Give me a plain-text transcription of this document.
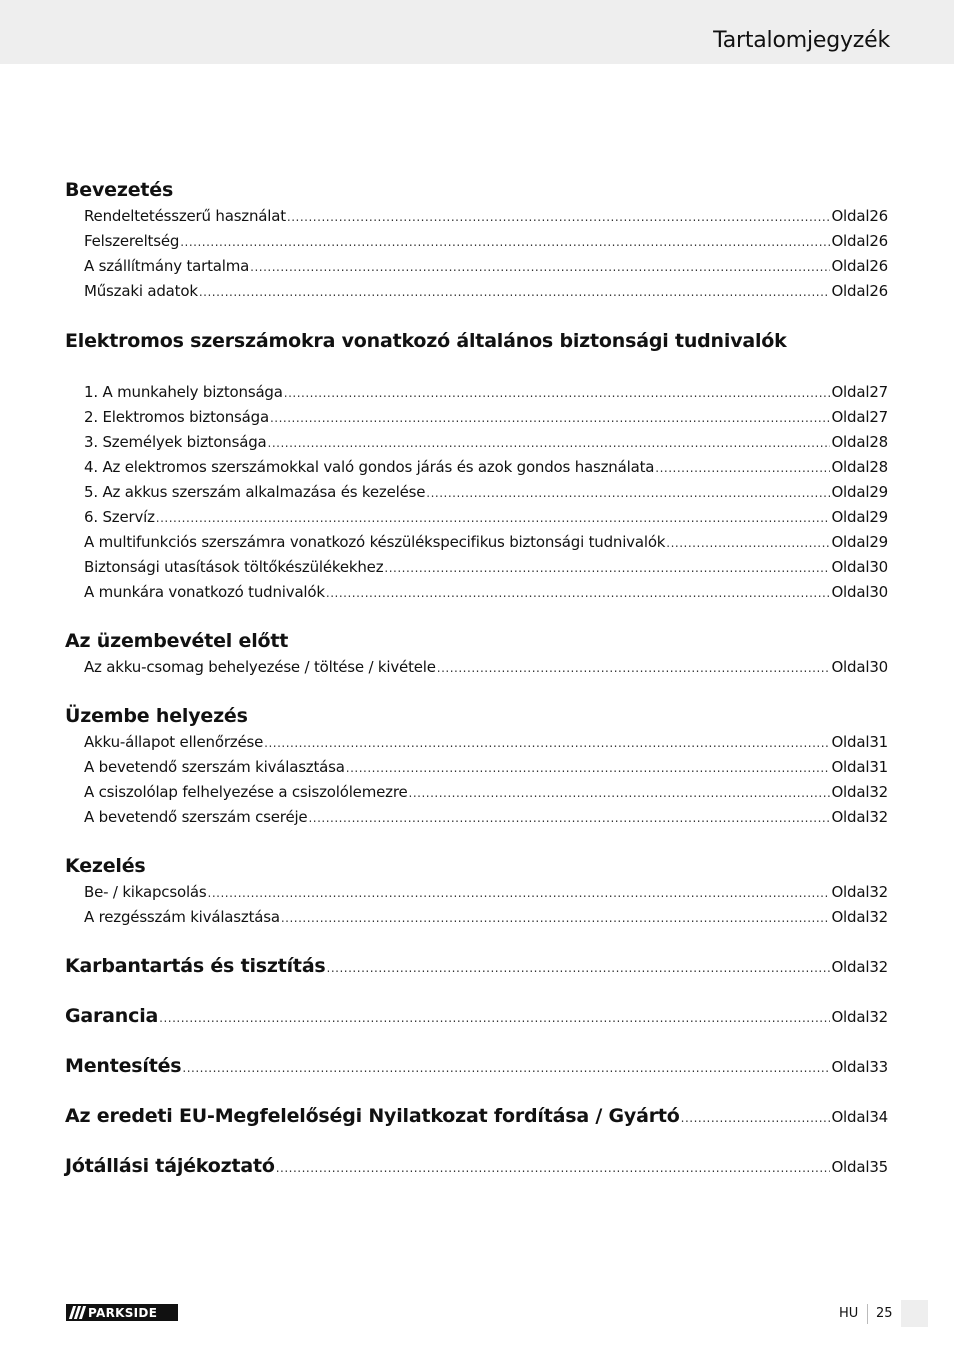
Tartalomjegyzék
Bevezetés
Rendeltetésszerű használat .....	Oldal 26
Felszereltség .....	Oldal 26
A szállítmány tartalma .....	Oldal 26
Műszaki adatok .....	Oldal 26
Elektromos szerszámokra vonatkozó általános biztonsági tudnivalók
1. A munkahely biztonsága .....	Oldal 27
2. Elektromos biztonsága .....	Oldal 27
3. Személyek biztonsága .....	Oldal 28
4. Az elektromos szerszámokkal való gondos járás és azok gondos használata .....	Oldal 28
5. Az akkus szerszám alkalmazása és kezelése .....	Oldal 29
6. Szervíz .....	Oldal 29
A multifunkciós szerszámra vonatkozó készülékspecifikus biztonsági tudnivalók .....	Oldal 29
Biztonsági utasítások töltőkészülékekhez .....	Oldal 30
A munkára vonatkozó tudnivalók .....	Oldal 30
Az üzembevétel előtt
Az akku-csomag behelyezése / töltése / kivétele .....	Oldal 30
Üzembe helyezés
Akku-állapot ellenőrzése .....	Oldal 31
A bevetendő szerszám kiválasztása .....	Oldal 31
A csiszolólap felhelyezése a csiszolólemezre .....	Oldal 32
A bevetendő szerszám cseréje .....	Oldal 32
Kezelés
Be- / kikapcsolás .....	Oldal 32
A rezgésszám kiválasztása .....	Oldal 32
Karbantartás és tisztítás .....	Oldal 32
Garancia .....	Oldal 32
Mentesítés .....	Oldal 33
Az eredeti EU-Megfelelőségi Nyilatkozat fordítása / Gyártó .....	Oldal 34
Jótállási tájékoztató .....	Oldal 35
PARKSIDE	HU 25
